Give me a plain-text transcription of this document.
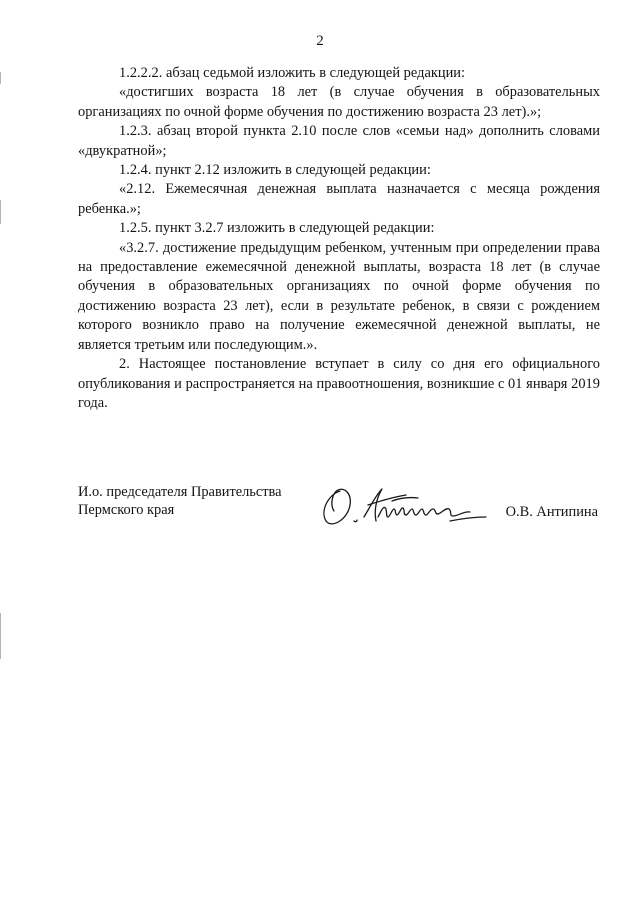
2

1.2.2.2. абзац седьмой изложить в следующей редакции:

«достигших возраста 18 лет (в случае обучения в образовательных организациях по очной форме обучения по достижению возраста 23 лет).»;

1.2.3. абзац второй пункта 2.10 после слов «семьи над» дополнить словами «двукратной»;

1.2.4. пункт 2.12 изложить в следующей редакции:

«2.12. Ежемесячная денежная выплата назначается с месяца рождения ребенка.»;

1.2.5. пункт 3.2.7 изложить в следующей редакции:

«3.2.7. достижение предыдущим ребенком, учтенным при определении права на предоставление ежемесячной денежной выплаты, возраста 18 лет (в случае обучения в образовательных организациях по очной форме обучения по достижению возраста 23 лет), если в результате ребенок, в связи с рождением которого возникло право на получение ежемесячной денежной выплаты, не является третьим или последующим.».

2. Настоящее постановление вступает в силу со дня его официального опубликования и распространяется на правоотношения, возникшие с 01 января 2019 года.

И.о. председателя Правительства
Пермского края	О.В. Антипина
